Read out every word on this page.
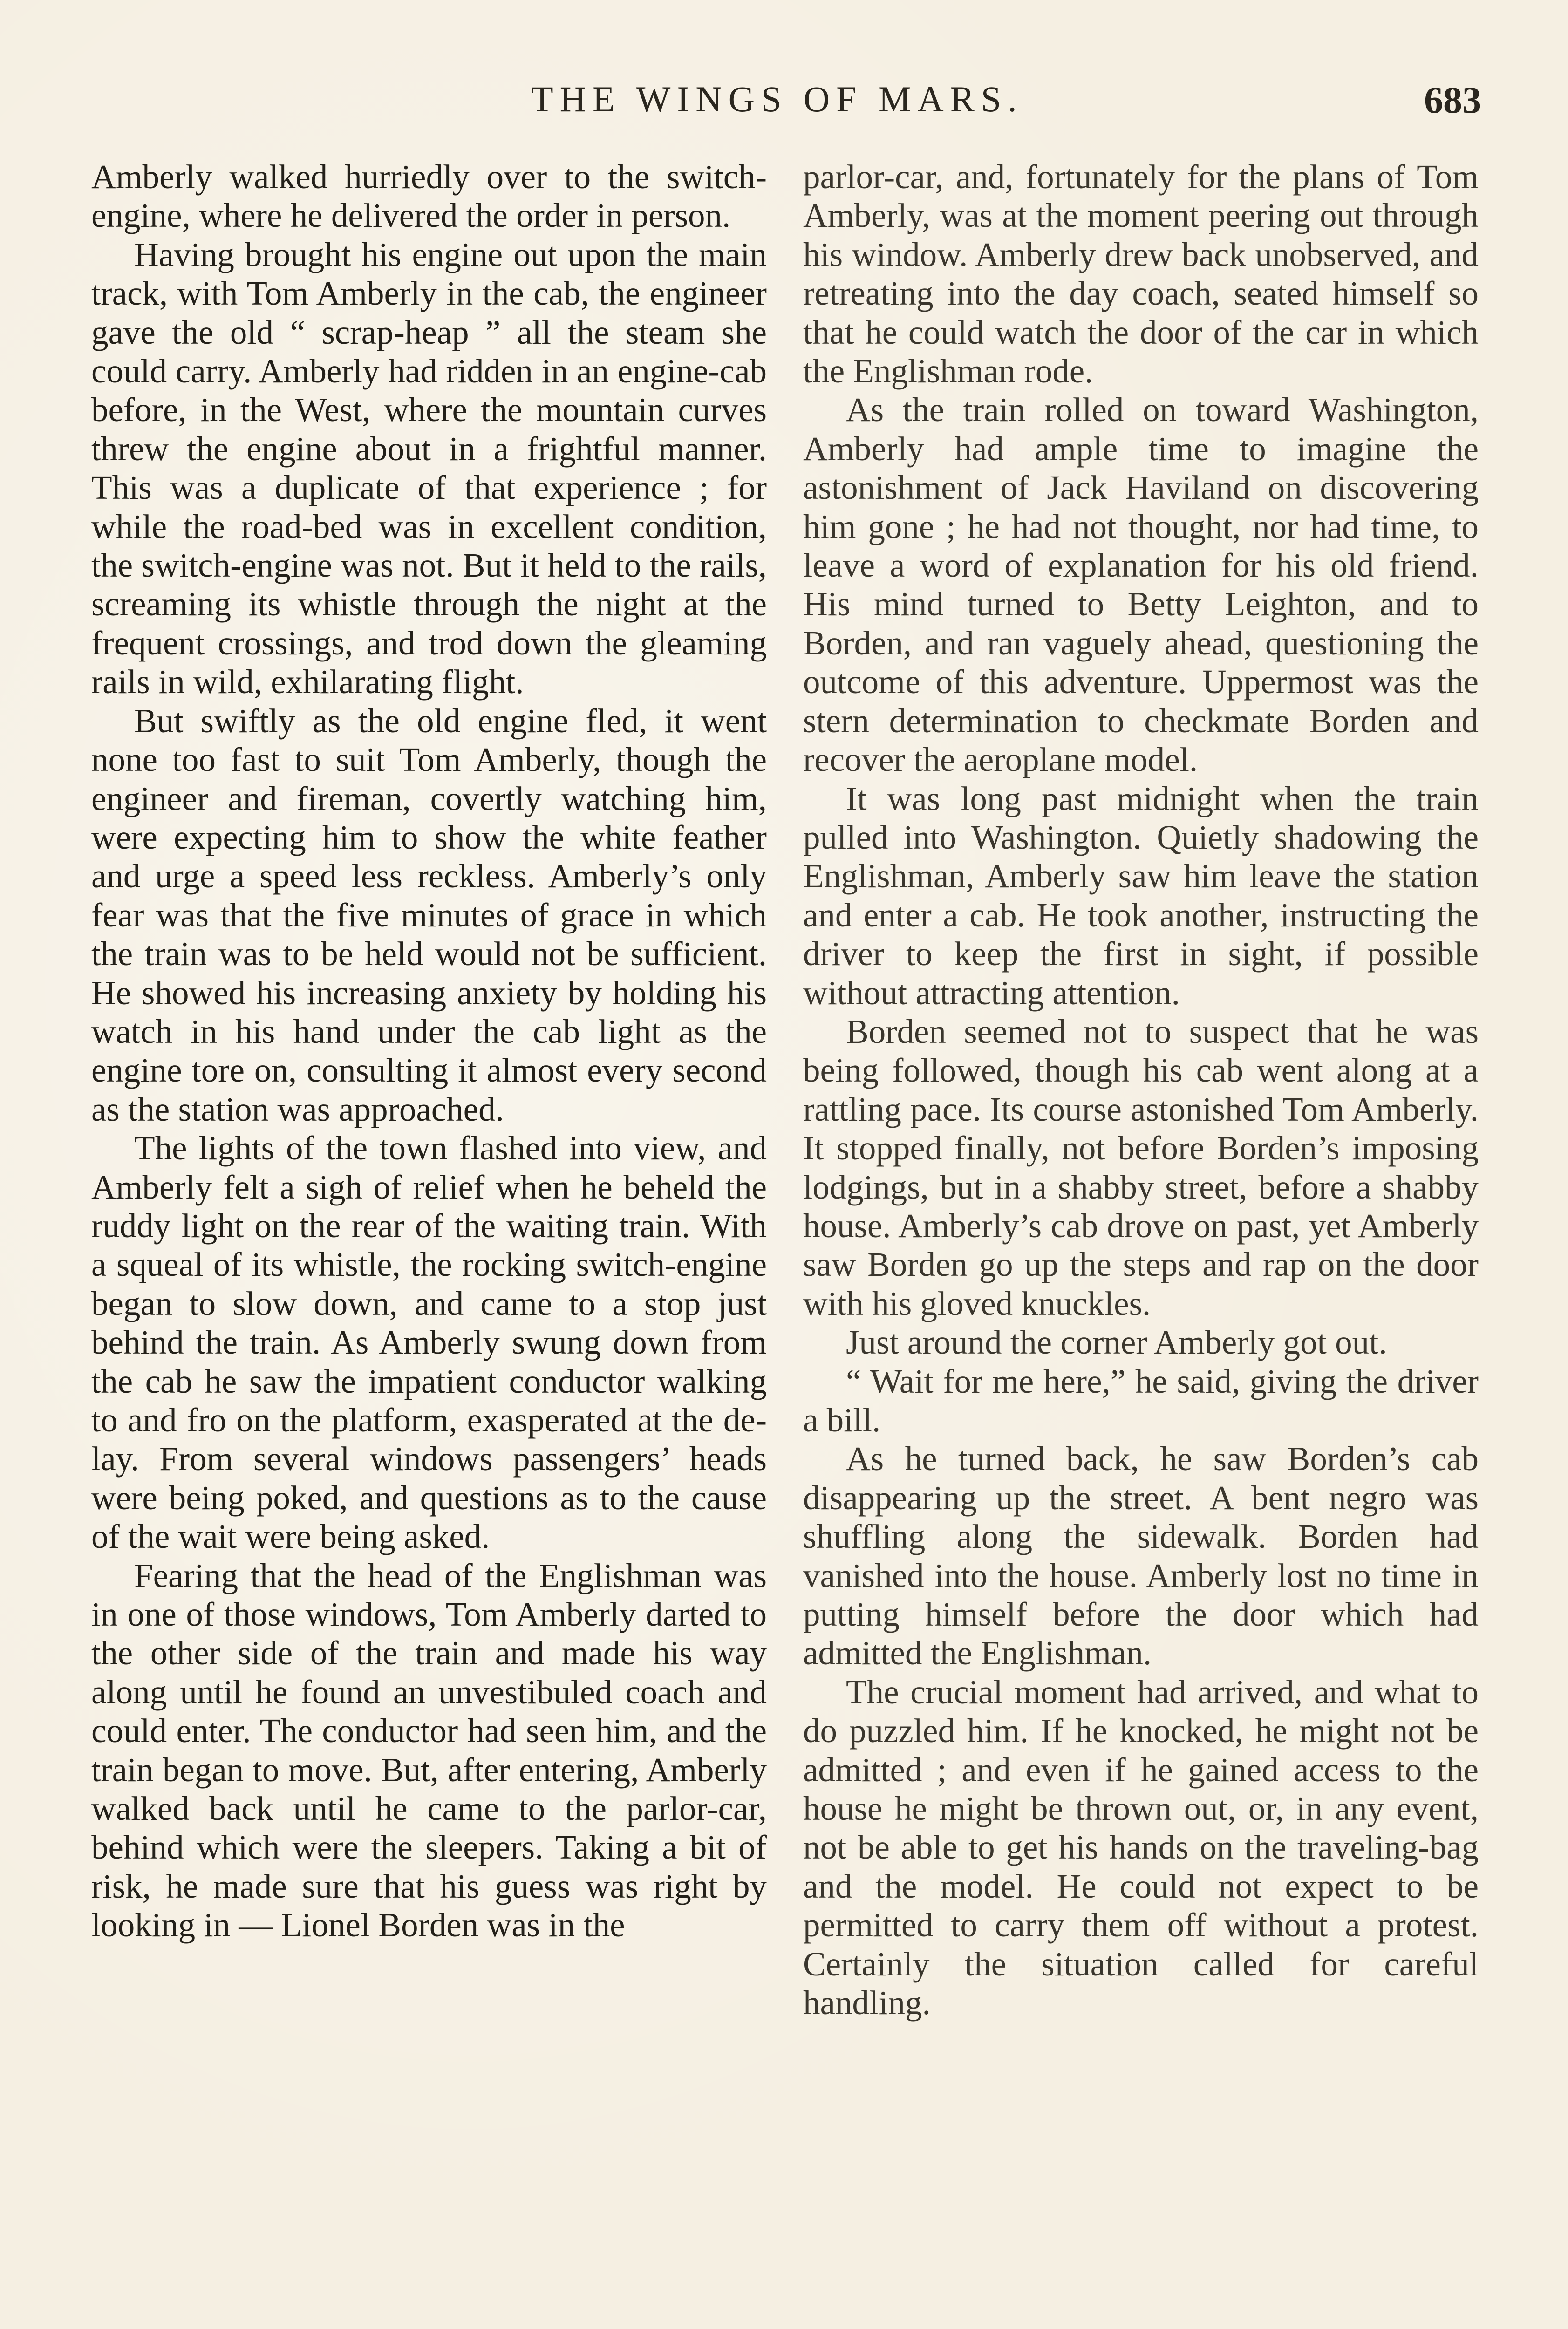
THE WINGS OF MARS.	683

Amberly walked hurriedly over to the switch-engine, where he delivered the order in person.

Having brought his engine out upon the main track, with Tom Amberly in the cab, the engineer gave the old “ scrap-heap ” all the steam she could carry. Amberly had ridden in an engine-cab before, in the West, where the mountain curves threw the engine about in a frightful manner. This was a duplicate of that experience ; for while the road-bed was in excellent condition, the switch-engine was not. But it held to the rails, screaming its whistle through the night at the frequent crossings, and trod down the gleaming rails in wild, exhilarating flight.

But swiftly as the old engine fled, it went none too fast to suit Tom Amberly, though the engineer and fireman, covertly watching him, were expecting him to show the white feather and urge a speed less reckless. Amberly’s only fear was that the five minutes of grace in which the train was to be held would not be sufficient. He showed his increasing anxiety by holding his watch in his hand under the cab light as the engine tore on, consulting it almost every second as the station was approached.

The lights of the town flashed into view, and Amberly felt a sigh of relief when he beheld the ruddy light on the rear of the waiting train. With a squeal of its whistle, the rocking switch-engine began to slow down, and came to a stop just behind the train. As Amberly swung down from the cab he saw the impatient conductor walking to and fro on the platform, exasperated at the delay. From several windows passengers’ heads were being poked, and questions as to the cause of the wait were being asked.

Fearing that the head of the Englishman was in one of those windows, Tom Amberly darted to the other side of the train and made his way along until he found an unvestibuled coach and could enter. The conductor had seen him, and the train began to move. But, after entering, Amberly walked back until he came to the parlor-car, behind which were the sleepers. Taking a bit of risk, he made sure that his guess was right by looking in — Lionel Borden was in the

parlor-car, and, fortunately for the plans of Tom Amberly, was at the moment peering out through his window. Amberly drew back unobserved, and retreating into the day coach, seated himself so that he could watch the door of the car in which the Englishman rode.

As the train rolled on toward Washington, Amberly had ample time to imagine the astonishment of Jack Haviland on discovering him gone ; he had not thought, nor had time, to leave a word of explanation for his old friend. His mind turned to Betty Leighton, and to Borden, and ran vaguely ahead, questioning the outcome of this adventure. Uppermost was the stern determination to checkmate Borden and recover the aeroplane model.

It was long past midnight when the train pulled into Washington. Quietly shadowing the Englishman, Amberly saw him leave the station and enter a cab. He took another, instructing the driver to keep the first in sight, if possible without attracting attention.

Borden seemed not to suspect that he was being followed, though his cab went along at a rattling pace. Its course astonished Tom Amberly. It stopped finally, not before Borden’s imposing lodgings, but in a shabby street, before a shabby house. Amberly’s cab drove on past, yet Amberly saw Borden go up the steps and rap on the door with his gloved knuckles.

Just around the corner Amberly got out.

“ Wait for me here,” he said, giving the driver a bill.

As he turned back, he saw Borden’s cab disappearing up the street. A bent negro was shuffling along the sidewalk. Borden had vanished into the house. Amberly lost no time in putting himself before the door which had admitted the Englishman.

The crucial moment had arrived, and what to do puzzled him. If he knocked, he might not be admitted ; and even if he gained access to the house he might be thrown out, or, in any event, not be able to get his hands on the traveling-bag and the model. He could not expect to be permitted to carry them off without a protest. Certainly the situation called for careful handling.
